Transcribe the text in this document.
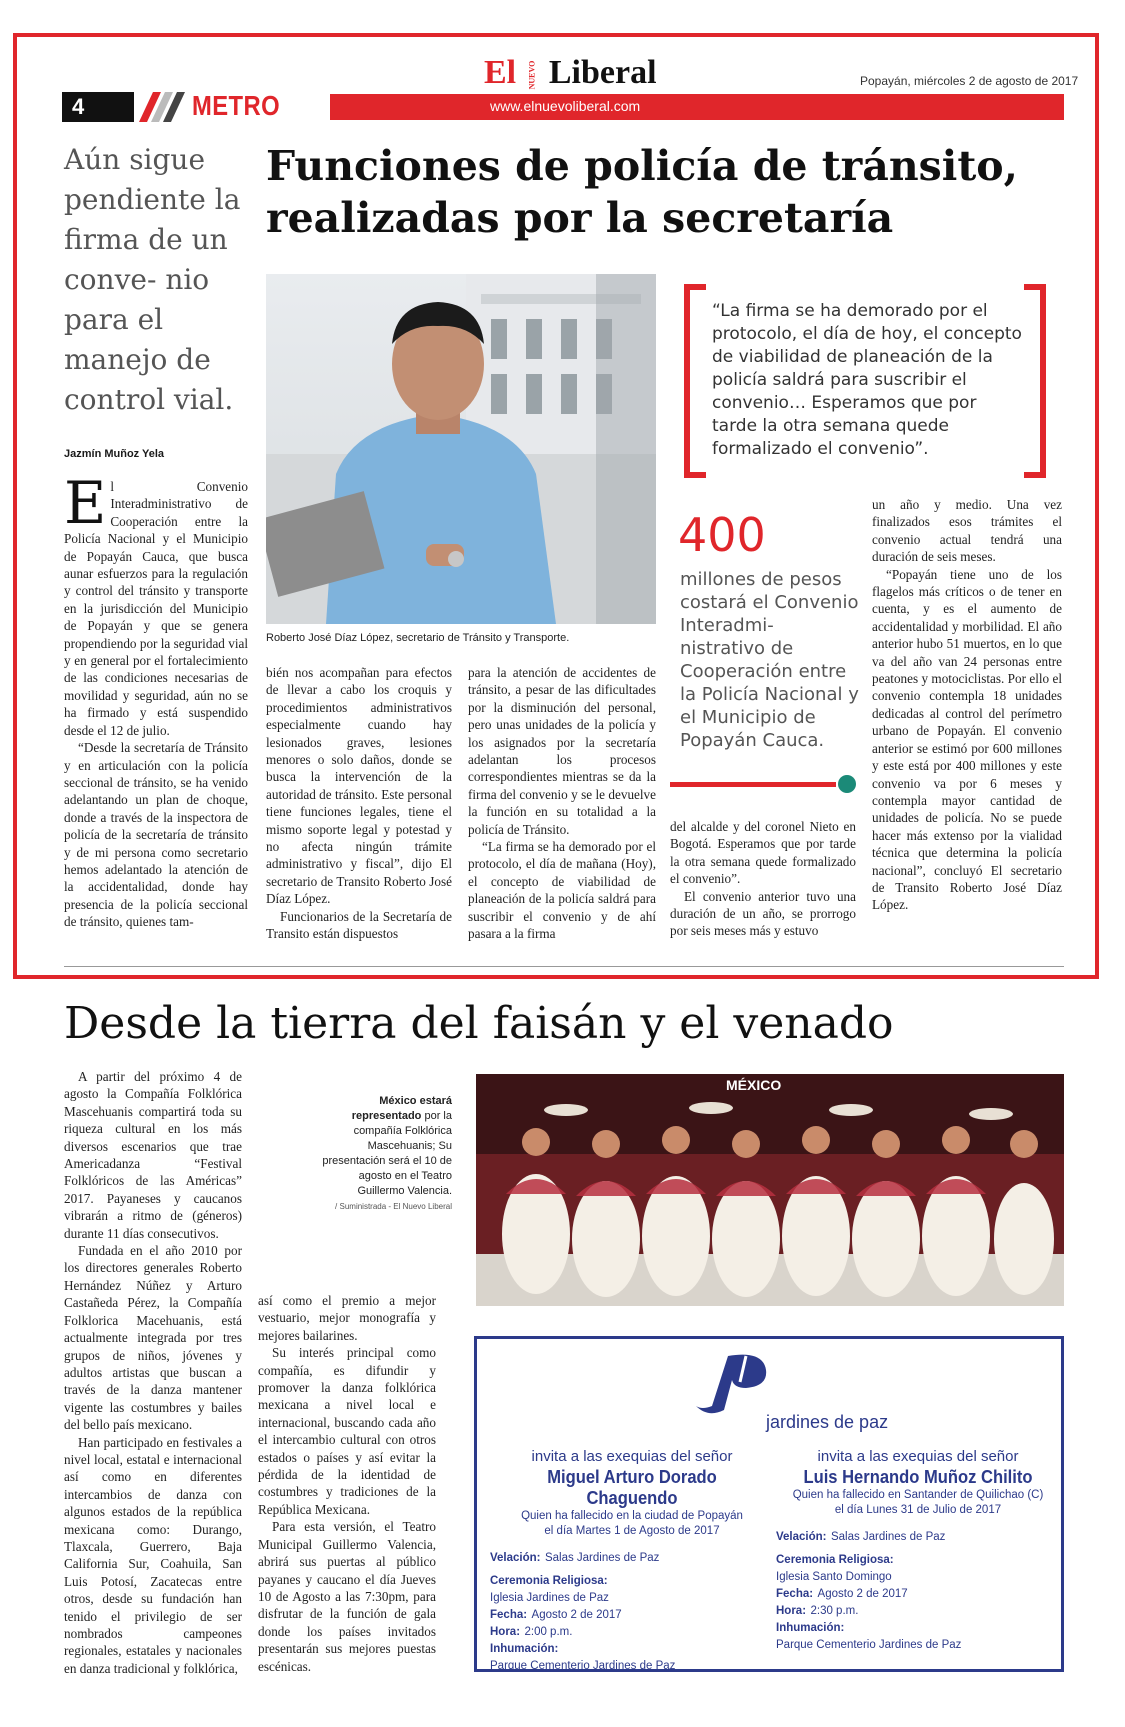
4	METRO	www.elnuevoliberal.com
El NUEVO Liberal	Popayán, miércoles 2 de agosto de 2017
Aún sigue pendiente la firma de un conve- nio para el manejo de control vial.
Funciones de policía de tránsito, realizadas por la secretaría
Jazmín Muñoz Yela
Roberto José Díaz López, secretario de Tránsito y Transporte.
“La firma se ha demorado por el protocolo, el día de hoy, el concepto de viabilidad de planeación de la policía saldrá para suscribir el convenio… Esperamos que por tarde la otra semana quede formalizado el convenio”.
400
millones de pesos costará el Convenio Interadmi- nistrativo de Cooperación entre la Policía Nacional y el Municipio de Popayán Cauca.

El Convenio Interadministrativo de Cooperación entre la Policía Nacional y el Municipio de Popayán Cauca, que busca aunar esfuerzos para la regulación y control del tránsito y transporte en la jurisdicción del Municipio de Popayán y que se genera propendiendo por la seguridad vial y en general por el fortalecimiento de las condiciones necesarias de movilidad y seguridad, aún no se ha firmado y está suspendido desde el 12 de julio.

“Desde la secretaría de Tránsito y en articulación con la policía seccional de tránsito, se ha venido adelantando un plan de choque, donde a través de la inspectora de policía de la secretaría de tránsito y de mi persona como secretario hemos adelantado la atención de la accidentalidad, donde hay presencia de la policía seccional de tránsito, quienes tam-

bién nos acompañan para efectos de llevar a cabo los croquis y procedimientos administrativos especialmente cuando hay lesionados graves, lesiones menores o solo daños, donde se busca la intervención de la autoridad de tránsito. Este personal tiene funciones legales, tiene el mismo soporte legal y potestad y no afecta ningún trámite administrativo y fiscal”, dijo El secretario de Transito Roberto José Díaz López.

Funcionarios de la Secretaría de Transito están dispuestos

para la atención de accidentes de tránsito, a pesar de las dificultades por la disminución del personal, pero unas unidades de la policía y los asignados por la secretaría adelantan los procesos correspondientes mientras se da la firma del convenio y se le devuelve la función en su totalidad a la policía de Tránsito.

“La firma se ha demorado por el protocolo, el día de mañana (Hoy), el concepto de viabilidad de planeación de la policía saldrá para suscribir el convenio y de ahí pasara a la firma

del alcalde y del coronel Nieto en Bogotá. Esperamos que por tarde la otra semana quede formalizado el convenio”.

El convenio anterior tuvo una duración de un año, se prorrogo por seis meses más y estuvo

un año y medio. Una vez finalizados esos trámites el convenio actual tendrá una duración de seis meses.

“Popayán tiene uno de los flagelos más críticos o de tener en cuenta, y es el aumento de accidentalidad y morbilidad. El año anterior hubo 51 muertos, en lo que va del año van 24 personas entre peatones y motociclistas. Por ello el convenio contempla 18 unidades dedicadas al control del perímetro urbano de Popayán. El convenio anterior se estimó por 600 millones y este está por 400 millones y este convenio va por 6 meses y contempla mayor cantidad de unidades de policía. No se puede hacer más extenso por la vialidad técnica que determina la policía nacional”, concluyó El secretario de Transito Roberto José Díaz López.

Desde la tierra del faisán y el venado

A partir del próximo 4 de agosto la Compañía Folklórica Mascehuanis compartirá toda su riqueza cultural en los más diversos escenarios que trae Americadanza “Festival Folklóricos de las Américas” 2017. Payaneses y caucanos vibrarán a ritmo de (géneros) durante 11 días consecutivos.

Fundada en el año 2010 por los directores generales Roberto Hernández Núñez y Arturo Castañeda Pérez, la Compañía Folklorica Macehuanis, está actualmente integrada por tres grupos de niños, jóvenes y adultos artistas que buscan a través de la danza mantener vigente las costumbres y bailes del bello país mexicano.

Han participado en festivales a nivel local, estatal e internacional así como en diferentes intercambios de danza con algunos estados de la república mexicana como: Durango, Tlaxcala, Guerrero, Baja California Sur, Coahuila, San Luis Potosí, Zacatecas entre otros, desde su fundación han tenido el privilegio de ser nombrados campeones regionales, estatales y nacionales en danza tradicional y folklórica,

México estará representado por la compañía Folklórica Mascehuanis; Su presentación será el 10 de agosto en el Teatro Guillermo Valencia.
/ Suministrada - El Nuevo Liberal
MÉXICO

así como el premio a mejor vestuario, mejor monografía y mejores bailarines.

Su interés principal como compañía, es difundir y promover la danza folklórica mexicana a nivel local e internacional, buscando cada año el intercambio cultural con otros estados o países y así evitar la pérdida de la identidad de costumbres y tradiciones de la República Mexicana.

Para esta versión, el Teatro Municipal Guillermo Valencia, abrirá sus puertas al público payanes y caucano el día Jueves 10 de Agosto a las 7:30pm, para disfrutar de la función de gala donde los países invitados presentarán sus mejores puestas escénicas.

jardines de paz
invita a las exequias del señor
Miguel Arturo Dorado Chaguendo
Quien ha fallecido en la ciudad de Popayán
el día Martes 1 de Agosto de 2017
Velación: Salas Jardines de Paz
Ceremonia Religiosa:
Iglesia Jardines de Paz
Fecha: Agosto 2 de 2017
Hora: 2:00 p.m.
Inhumación:
Parque Cementerio Jardines de Paz
invita a las exequias del señor
Luis Hernando Muñoz Chilito
Quien ha fallecido en Santander de Quilichao (C)
el día Lunes 31 de Julio de 2017
Velación: Salas Jardines de Paz
Ceremonia Religiosa:
Iglesia Santo Domingo
Fecha: Agosto 2 de 2017
Hora: 2:30 p.m.
Inhumación:
Parque Cementerio Jardines de Paz
